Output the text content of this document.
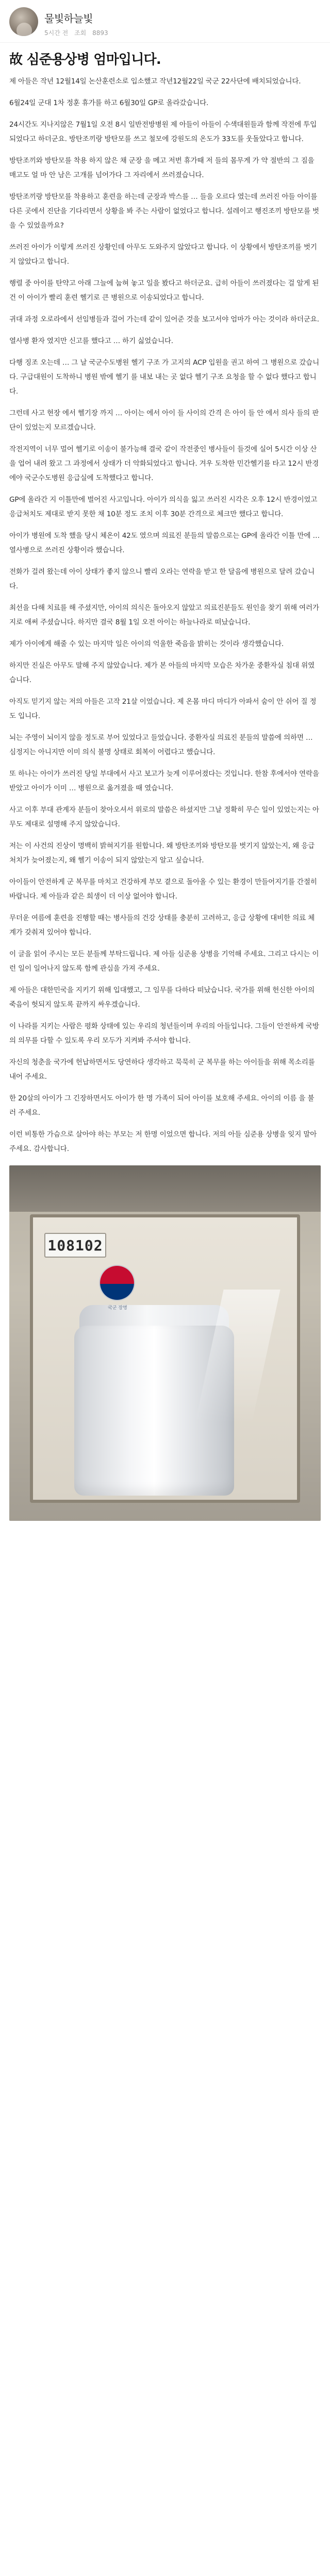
물빛하늘빛
5시간 전 조회 8893
故 심준용상병 엄마입니다.

제 아들은 작년 12월14일 논산훈련소로 입소했고 작년12월22일 국군 22사단에 배치되었습니다.

6월24일 군대 1차 정훈 휴가를 하고 6월30일 GP로 올라갔습니다.

24시간도 지나지않은 7월1일 오전 8시 일반전방병원 제 아들이 아들이 수색대원들과 함께 작전에 투입되었다고 하더군요. 방탄조끼랑 방탄모를 쓰고 철모에 강원도의 온도가 33도를 웃돌았다고 합니다.

방탄조끼와 방탄모를 착용 하지 않은 채 군장 을 메고 저번 휴가때 저 들의 몸무게 가 약 절반의 그 짐을 매고도 얼 마 안 남은 고개를 넘어가다 그 자리에서 쓰러졌습니다.

방탄조끼랑 방탄모를 착용하고 훈련을 하는데 군장과 박스를 … 들을 오르다 였는데 쓰러진 아들 아이를 다른 곳에서 진단을 기다리면서 상황을 봐 주는 사람이 없었다고 합니다. 설레이고 행진조끼 방탄모를 벗을 수 있었을까요?

쓰러진 아이가 이렇게 쓰러진 상황인데 아무도 도와주지 않았다고 합니다. 이 상황에서 방탄조끼를 벗기지 않았다고 합니다.

행렬 중 아이를 탄약고 아래 그늘에 눕혀 놓고 일을 봤다고 하더군요. 급히 아들이 쓰러졌다는 걸 알게 된 건 이 아이가 빨리 훈련 헬기로 큰 병원으로 이송되었다고 합니다.

귀대 과정 오로라에서 선임병들과 걸어 가는데 같이 있어준 것을 보고서야 엄마가 아는 것이라 하더군요.

열사병 환자 였지만 신고를 했다고 … 하기 싫었습니다.

다행 징조 오는데 … 그 날 국군수도병원 헬기 구조 가 고지의 ACP 입원을 권고 하여 그 병원으로 갔습니다. 구급대원이 도착하니 병원 밖에 헬기 를 내보 내는 곳 없다 헬기 구조 요청을 할 수 없다 했다고 합니다.

그런데 사고 현장 에서 헬기장 까지 … 아이는 에서 아이 들 사이의 간격 은 아이 들 안 에서 의사 들의 판단이 있었는지 모르겠습니다.

작전지역이 너무 멀어 헬기로 이송이 불가능해 결국 같이 작전중인 병사들이 들것에 실어 5시간 이상 산을 업어 내려 왔고 그 과정에서 상태가 더 악화되었다고 합니다. 겨우 도착한 민간헬기를 타고 12시 반경에야 국군수도병원 응급실에 도착했다고 합니다.

GP에 올라간 지 이틀만에 벌어진 사고입니다. 아이가 의식을 잃고 쓰러진 시각은 오후 12시 반경이었고 응급처치도 제대로 받지 못한 채 10분 정도 조치 이후 30분 간격으로 체크만 했다고 합니다.

아이가 병원에 도착 했을 당시 체온이 42도 였으며 의료진 분들의 말씀으로는 GP에 올라간 이틀 만에 … 열사병으로 쓰러진 상황이라 했습니다.

전화가 걸려 왔는데 아이 상태가 좋지 않으니 빨리 오라는 연락을 받고 한 달음에 병원으로 달려 갔습니다.

최선을 다해 치료를 해 주셨지만, 아이의 의식은 돌아오지 않았고 의료진분들도 원인을 찾기 위해 여러가지로 애써 주셨습니다. 하지만 결국 8월 1일 오전 아이는 하늘나라로 떠났습니다.

제가 아이에게 해줄 수 있는 마지막 일은 아이의 억울한 죽음을 밝히는 것이라 생각했습니다.

하지만 진실은 아무도 말해 주지 않았습니다. 제가 본 아들의 마지막 모습은 차가운 중환자실 침대 위였습니다.

아직도 믿기지 않는 저의 아들은 고작 21살 이었습니다. 제 온몸 마디 마디가 아파서 숨이 안 쉬어 질 정도 입니다.

뇌는 주영이 뇌이지 않을 정도로 부어 있었다고 들었습니다. 중환자실 의료진 분들의 말씀에 의하면 … 심정지는 아니지만 이미 의식 불명 상태로 회복이 어렵다고 했습니다.

또 하나는 아이가 쓰러진 당일 부대에서 사고 보고가 늦게 이루어졌다는 것입니다. 한참 후에서야 연락을 받았고 아이가 이미 … 병원으로 옮겨졌을 때 였습니다.

사고 이후 부대 관계자 분들이 찾아오셔서 위로의 말씀은 하셨지만 그날 정확히 무슨 일이 있었는지는 아무도 제대로 설명해 주지 않았습니다.

저는 이 사건의 진상이 명백히 밝혀지기를 원합니다. 왜 방탄조끼와 방탄모를 벗기지 않았는지, 왜 응급 처치가 늦어졌는지, 왜 헬기 이송이 되지 않았는지 알고 싶습니다.

아이들이 안전하게 군 복무를 마치고 건강하게 부모 곁으로 돌아올 수 있는 환경이 만들어지기를 간절히 바랍니다. 제 아들과 같은 희생이 더 이상 없어야 합니다.

무더운 여름에 훈련을 진행할 때는 병사들의 건강 상태를 충분히 고려하고, 응급 상황에 대비한 의료 체계가 갖춰져 있어야 합니다.

이 글을 읽어 주시는 모든 분들께 부탁드립니다. 제 아들 심준용 상병을 기억해 주세요. 그리고 다시는 이런 일이 일어나지 않도록 함께 관심을 가져 주세요.

제 아들은 대한민국을 지키기 위해 입대했고, 그 임무를 다하다 떠났습니다. 국가를 위해 헌신한 아이의 죽음이 헛되지 않도록 끝까지 싸우겠습니다.

이 나라를 지키는 사람은 평화 상태에 있는 우리의 청년들이며 우리의 아들입니다. 그들이 안전하게 국방의 의무를 다할 수 있도록 우리 모두가 지켜봐 주셔야 합니다.

자신의 청춘을 국가에 헌납하면서도 당연하다 생각하고 묵묵히 군 복무를 하는 아이들을 위해 목소리를 내어 주세요.

한 20살의 아이가 그 긴장하면서도 아이가 한 명 가족이 되어 아이를 보호해 주세요. 아이의 이름 을 불러 주세요.

이런 비통한 가슴으로 살아야 하는 부모는 저 한명 이었으면 합니다. 저의 아들 심준용 상병을 잊지 말아 주세요. 감사합니다.

108102
국군 장병
